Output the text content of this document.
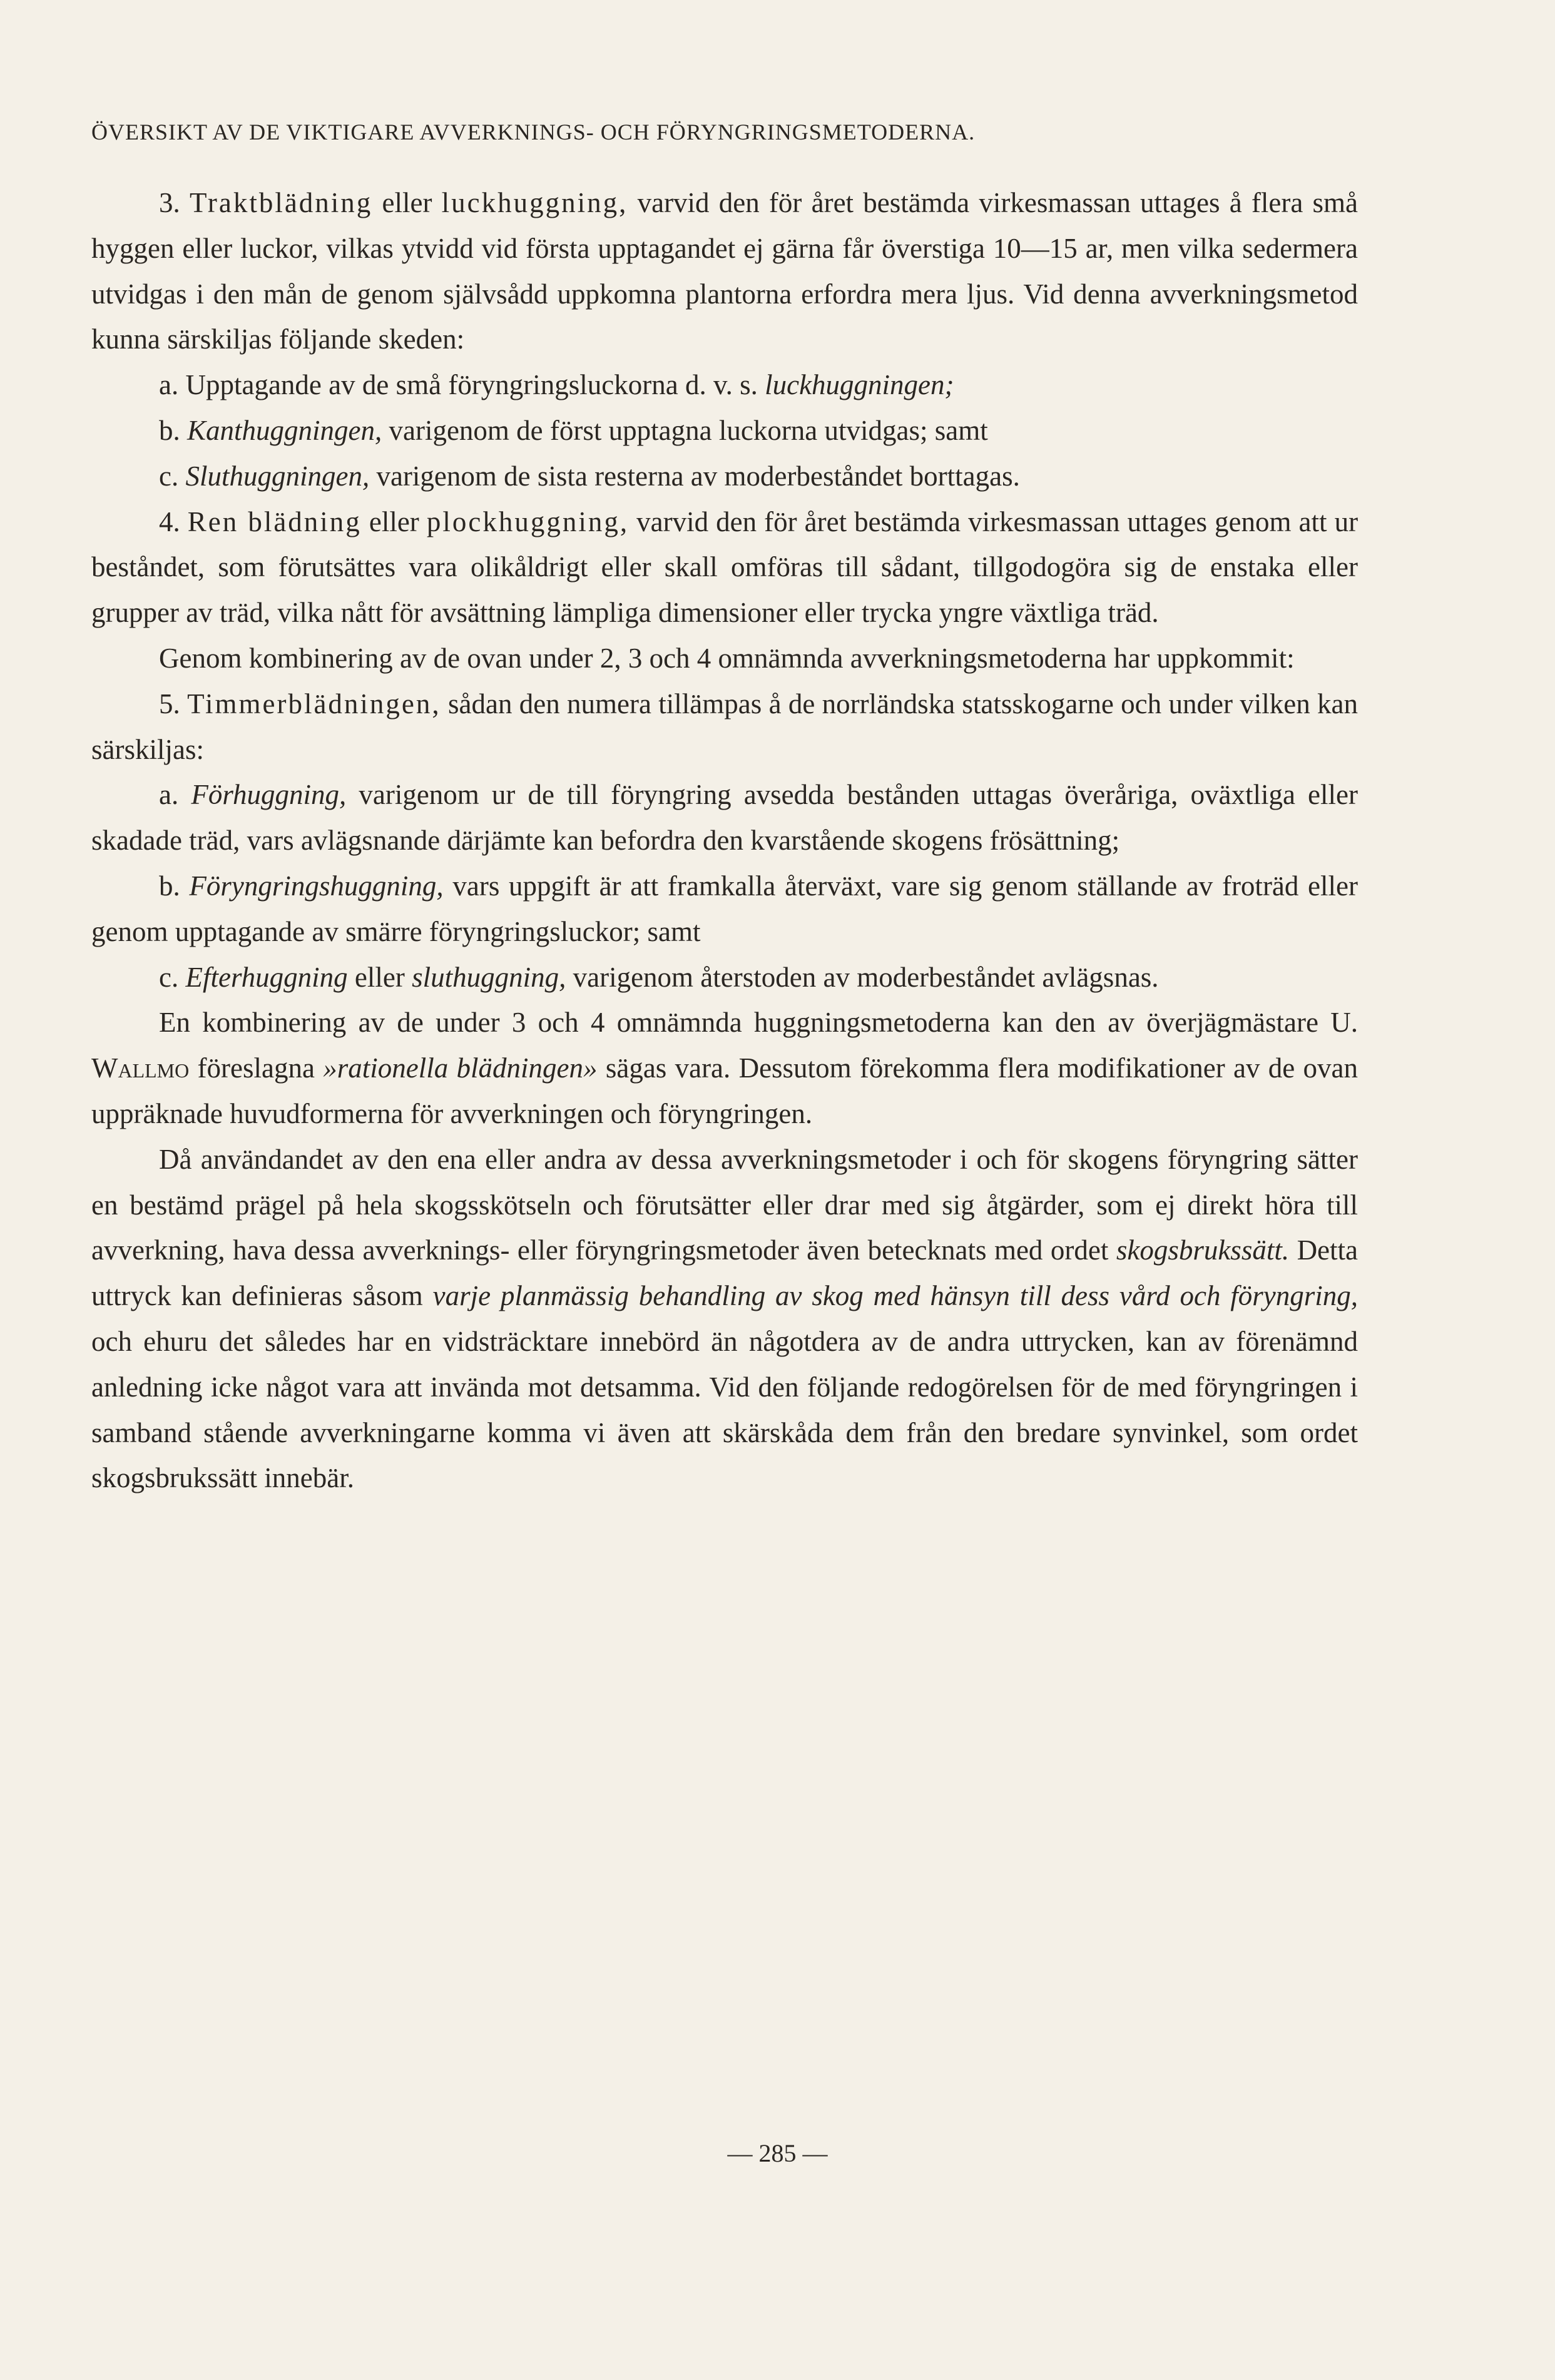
ÖVERSIKT AV DE VIKTIGARE AVVERKNINGS- OCH FÖRYNGRINGSMETODERNA.

3. Traktblädning eller luckhuggning, varvid den för året bestämda virkesmassan uttages å flera små hyggen eller luckor, vilkas ytvidd vid första upptagandet ej gärna får överstiga 10—15 ar, men vilka sedermera utvidgas i den mån de genom självsådd uppkomna plantorna erfordra mera ljus. Vid denna avverkningsmetod kunna särskiljas följande skeden:

a. Upptagande av de små föryngringsluckorna d. v. s. luckhuggningen;

b. Kanthuggningen, varigenom de först upptagna luckorna utvidgas; samt

c. Sluthuggningen, varigenom de sista resterna av moderbeståndet borttagas.

4. Ren blädning eller plockhuggning, varvid den för året bestämda virkesmassan uttages genom att ur beståndet, som förutsättes vara olikåldrigt eller skall omföras till sådant, tillgodogöra sig de enstaka eller grupper av träd, vilka nått för avsättning lämpliga dimensioner eller trycka yngre växtliga träd.

Genom kombinering av de ovan under 2, 3 och 4 omnämnda avverkningsmetoderna har uppkommit:

5. Timmerblädningen, sådan den numera tillämpas å de norrländska statsskogarne och under vilken kan särskiljas:

a. Förhuggning, varigenom ur de till föryngring avsedda bestånden uttagas överåriga, oväxtliga eller skadade träd, vars avlägsnande därjämte kan befordra den kvarstående skogens frösättning;

b. Föryngringshuggning, vars uppgift är att framkalla återväxt, vare sig genom ställande av froträd eller genom upptagande av smärre föryngringsluckor; samt

c. Efterhuggning eller sluthuggning, varigenom återstoden av moderbeståndet avlägsnas.

En kombinering av de under 3 och 4 omnämnda huggningsmetoderna kan den av överjägmästare U. Wallmo föreslagna »rationella blädningen» sägas vara. Dessutom förekomma flera modifikationer av de ovan uppräknade huvudformerna för avverkningen och föryngringen.

Då användandet av den ena eller andra av dessa avverkningsmetoder i och för skogens föryngring sätter en bestämd prägel på hela skogsskötseln och förutsätter eller drar med sig åtgärder, som ej direkt höra till avverkning, hava dessa avverknings- eller föryngringsmetoder även betecknats med ordet skogsbrukssätt. Detta uttryck kan definieras såsom varje planmässig behandling av skog med hänsyn till dess vård och föryngring, och ehuru det således har en vidsträcktare innebörd än någotdera av de andra uttrycken, kan av förenämnd anledning icke något vara att invända mot detsamma. Vid den följande redogörelsen för de med föryngringen i samband stående avverkningarne komma vi även att skärskåda dem från den bredare synvinkel, som ordet skogsbrukssätt innebär.

— 285 —
